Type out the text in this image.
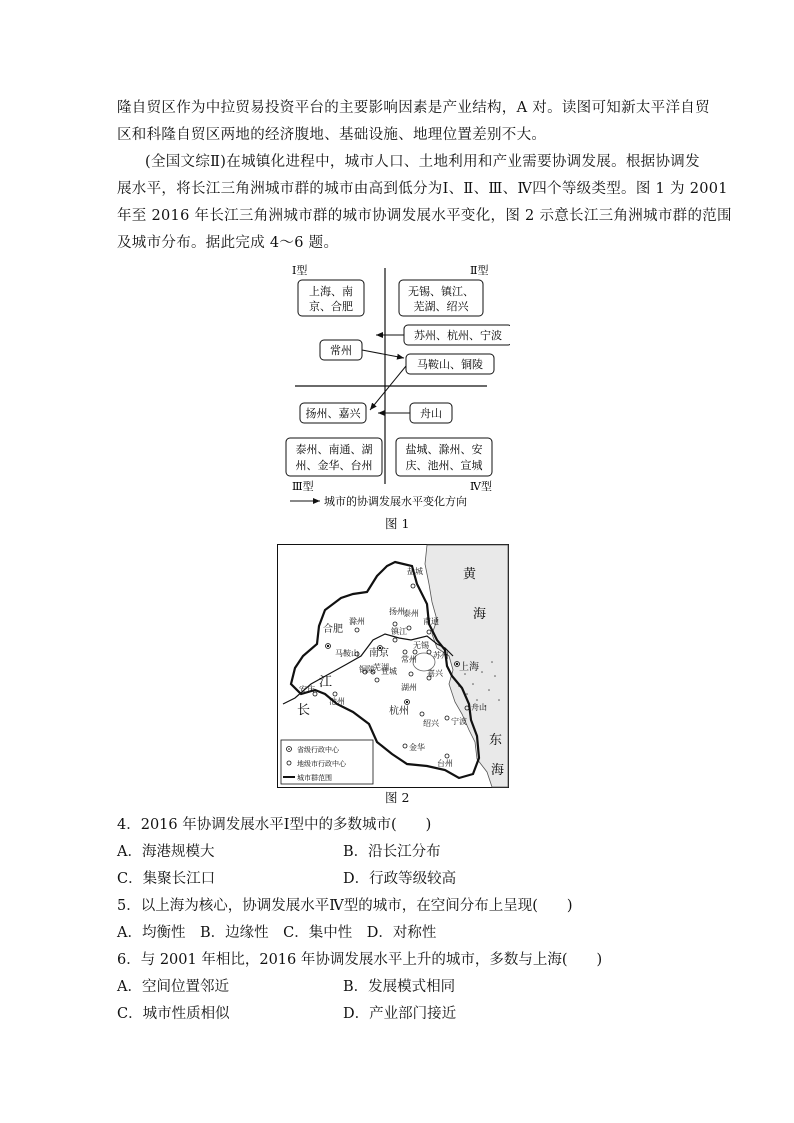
隆自贸区作为中拉贸易投资平台的主要影响因素是产业结构，A 对。读图可知新太平洋自贸
区和科隆自贸区两地的经济腹地、基础设施、地理位置差别不大。
(全国文综Ⅱ)在城镇化进程中，城市人口、土地利用和产业需要协调发展。根据协调发
展水平，将长江三角洲城市群的城市由高到低分为Ⅰ、Ⅱ、Ⅲ、Ⅳ四个等级类型。图 1 为 2001
年至 2016 年长江三角洲城市群的城市协调发展水平变化，图 2 示意长江三角洲城市群的范围
及城市分布。据此完成 4～6 题。
Ⅰ型	Ⅱ型
Ⅲ型	Ⅳ型
上海、南
京、合肥
无锡、镇江、
芜湖、绍兴
苏州、杭州、宁波
常州
马鞍山、铜陵
扬州、嘉兴	舟山
泰州、南通、湖
州、金华、台州
盐城、滁州、安
庆、池州、宣城
城市的协调发展水平变化方向
图 1
黄
海
东
海
江
长
盐城
扬州
泰州
滁州
合肥
南通
南京
镇江
常州
无锡
苏州
上海
马鞍山
铜陵
芜湖
宣城
湖州
嘉兴
安庆
池州
杭州
绍兴 宁波
舟山
金华
台州
省级行政中心
地级市行政中心
城市群范围
图 2
4．2016 年协调发展水平Ⅰ型中的多数城市(　　)
A．海港规模大	B．沿长江分布
C．集聚长江口	D．行政等级较高
5．以上海为核心，协调发展水平Ⅳ型的城市，在空间分布上呈现(　　)
A．均衡性　B．边缘性　C．集中性　D．对称性
6．与 2001 年相比，2016 年协调发展水平上升的城市，多数与上海(　　)
A．空间位置邻近	B．发展模式相同
C．城市性质相似	D．产业部门接近
